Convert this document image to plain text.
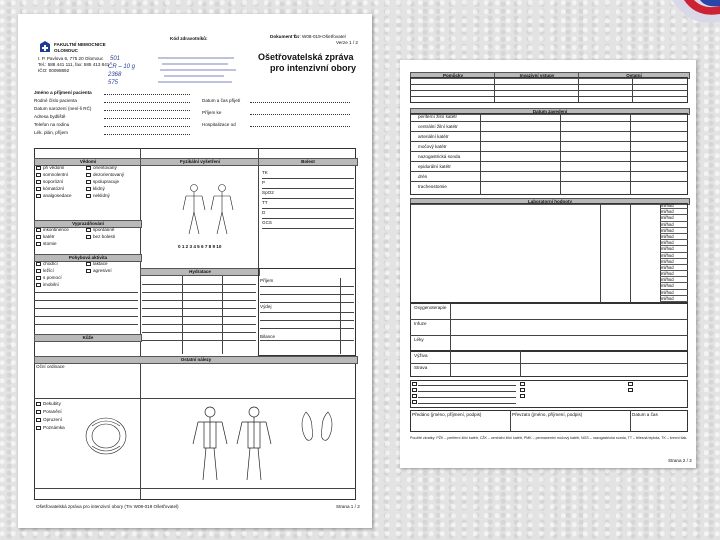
FAKULTNÍ NEMOCNICE
OLOMOUC
I. P. Pavlova 6, 775 20 Olomouc
Tel.: 588 441 111, fax: 585 413 841
IČO: 00098892
501
ČR – 10 g
2368
575
Kód zdravotníků:	Dokument č.:
Trv: W08-019-Ošetřovatel
Verze 1 / 2
Ošetřovatelská zpráva
pro intenzivní obory
Jméno a příjmení pacienta
Rodné číslo pacienta
Datum narození (není-li RČ)
Adresa bydliště
Telefon na rodinu
Lék. plán, příjem
Datum a čas přijetí
Příjem ke
Hospitalizace od
Vědomí	Fyzikální vyšetření	Bolest
Vyprazdňování
Pohybová aktivita
Hydratace
Kůže
Ostatní nálezy
při vědomí
somnolentní
soporózní
kómatózní
analgosedace
orientovaný
dezorientovaný
spolupracuje
klidný
neklidný
inkontinence
katétr
stomie
spontánně
bez bolesti
chodící
ležící
s pomocí
imobilní
laktace
agresivní
0 1 2 3 4 5 6 7 8 9 10
TK
P
SpO2
TT
D
GCS
Příjem
Výdej
Bilance
Oční ordinace
Dekubity
Poranění
Opruzení
Poznámka
Ošetřovatelská zpráva pro intenzivní obory (Trv W08-019 Ošetřovatel)	Strana 1 / 2
Pomůcky	Invazivní vstupy	Ostatní
Datum zavedení
periferní žilní katétr
centrální žilní katétr
arteriální katétr
močový katétr
nazogastrická sonda
epidurální katétr
drén
tracheostomie
Laboratorní hodnoty
ml/hod
ml/hod
ml/hod
ml/hod
ml/hod
ml/hod
ml/hod
ml/hod
ml/hod
ml/hod
ml/hod
ml/hod
ml/hod
ml/hod
ml/hod
ml/hod
Oxygenoterapie
Infuze
Léky
Výživa
Strava
Předáno (jméno, příjmení, podpis)	Převzato (jméno, příjmení, podpis)	Datum a čas
Použité zkratky: PŽK – periferní žilní katétr, CŽK – centrální žilní katétr, PMK – permanentní močový katétr, NGS – nazogastrická sonda, TT – tělesná teplota, TK – krevní tlak.
Strana 2 / 2
